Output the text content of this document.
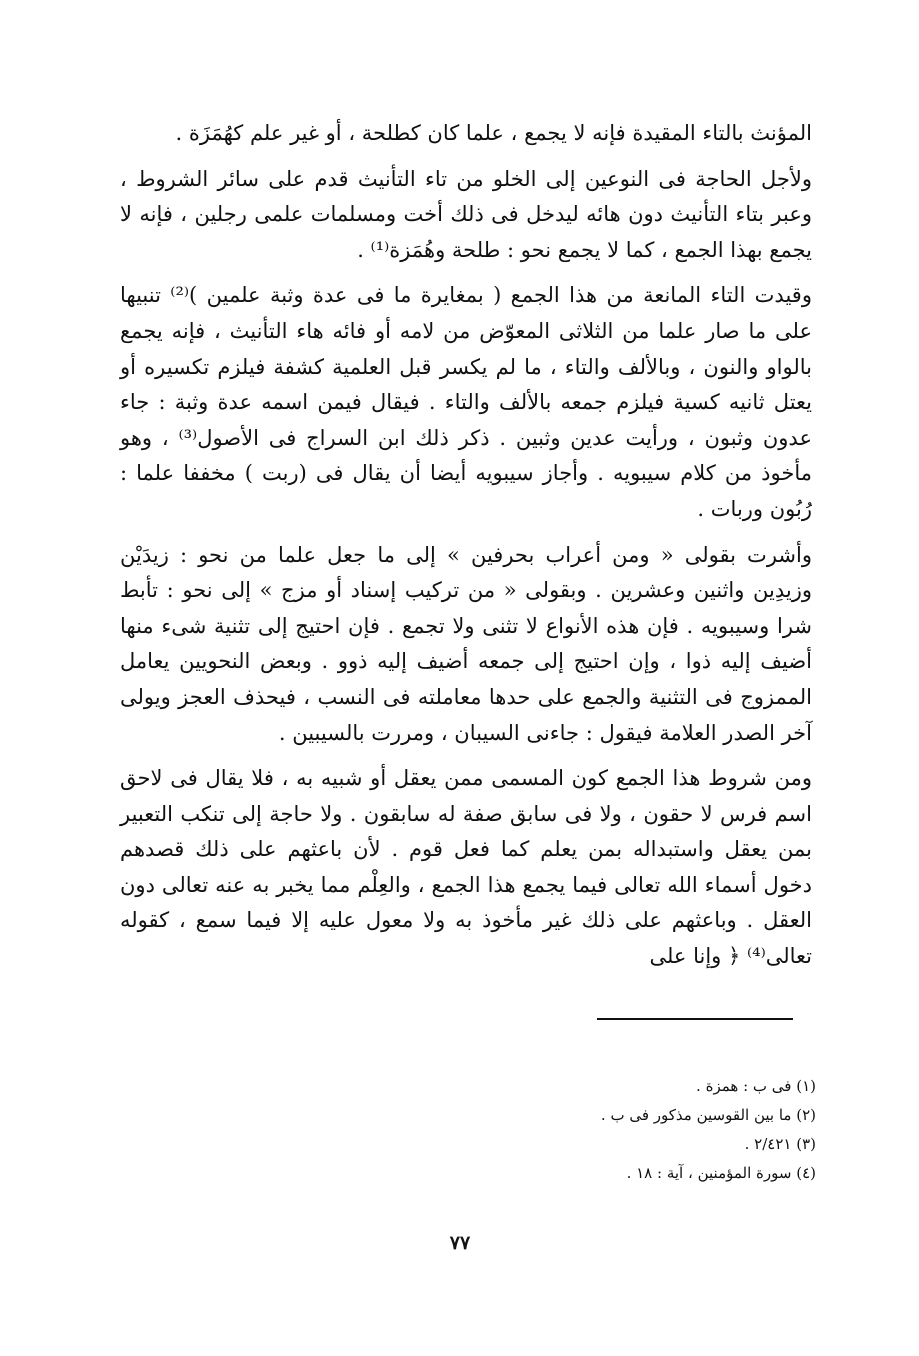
المؤنث بالتاء المقيدة فإنه لا يجمع ، علما كان كطلحة ، أو غير علم كهُمَزَة .

ولأجل الحاجة فى النوعين إلى الخلو من تاء التأنيث قدم على سائر الشروط ، وعبر بتاء التأنيث دون هائه ليدخل فى ذلك أخت ومسلمات علمى رجلين ، فإنه لا يجمع بهذا الجمع ، كما لا يجمع نحو : طلحة وهُمَزة⁽¹⁾ .

وقيدت التاء المانعة من هذا الجمع ( بمغايرة ما فى عدة وثبة علمين )⁽²⁾ تنبيها على ما صار علما من الثلاثى المعوّض من لامه أو فائه هاء التأنيث ، فإنه يجمع بالواو والنون ، وبالألف والتاء ، ما لم يكسر قبل العلمية كشفة فيلزم تكسيره أو يعتل ثانيه كسية فيلزم جمعه بالألف والتاء . فيقال فيمن اسمه عدة وثبة : جاء عدون وثبون ، ورأيت عدين وثبين . ذكر ذلك ابن السراج فى الأصول⁽³⁾ ، وهو مأخوذ من كلام سيبويه . وأجاز سيبويه أيضا أن يقال فى (ربت ) مخففا علما : رُبُون وربات .

وأشرت بقولى « ومن أعراب بحرفين » إلى ما جعل علما من نحو : زيدَيْن وزيدِين واثنين وعشرين . وبقولى « من تركيب إسناد أو مزج » إلى نحو : تأبط شرا وسيبويه . فإن هذه الأنواع لا تثنى ولا تجمع . فإن احتيج إلى تثنية شىء منها أضيف إليه ذوا ، وإن احتيج إلى جمعه أضيف إليه ذوو . وبعض النحويين يعامل الممزوج فى التثنية والجمع على حدها معاملته فى النسب ، فيحذف العجز ويولى آخر الصدر العلامة فيقول : جاءنى السيبان ، ومررت بالسيبين .

ومن شروط هذا الجمع كون المسمى ممن يعقل أو شبيه به ، فلا يقال فى لاحق اسم فرس لا حقون ، ولا فى سابق صفة له سابقون . ولا حاجة إلى تنكب التعبير بمن يعقل واستبداله بمن يعلم كما فعل قوم . لأن باعثهم على ذلك قصدهم دخول أسماء الله تعالى فيما يجمع هذا الجمع ، والعِلْم مما يخبر به عنه تعالى دون العقل . وباعثهم على ذلك غير مأخوذ به ولا معول عليه إلا فيما سمع ، كقوله تعالى⁽⁴⁾ ﴿ وإنا على

(١) فى ب : همزة .
(٢) ما بين القوسين مذكور فى ب .
(٣) ٢/٤٢١ .
(٤) سورة المؤمنين ، آية : ١٨ .
٧٧
